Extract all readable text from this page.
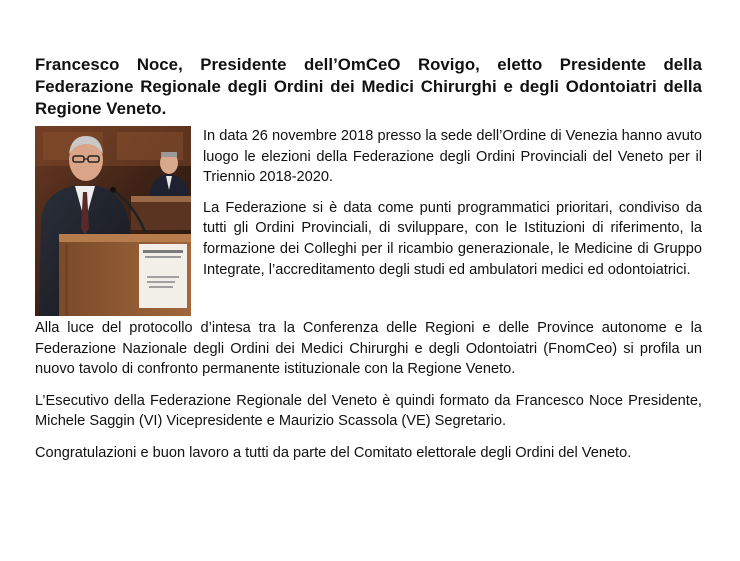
Francesco Noce, Presidente dell’OmCeO Rovigo, eletto Presidente della Federazione Regionale degli Ordini dei Medici Chirurghi e degli Odontoiatri della Regione Veneto.

In data 26 novembre 2018 presso la sede dell’Ordine di Venezia hanno avuto luogo le elezioni della Federazione degli Ordini Provinciali del Veneto per il Triennio 2018-2020.

La Federazione si è data come punti programmatici prioritari, condiviso da tutti gli Ordini Provinciali, di sviluppare, con le Istituzioni di riferimento, la formazione dei Colleghi per il ricambio generazionale, le Medicine di Gruppo Integrate, l’accreditamento degli studi ed ambulatori medici ed odontoiatrici.

Alla luce del protocollo d’intesa tra la Conferenza delle Regioni e delle Province autonome e la Federazione Nazionale degli Ordini dei Medici Chirurghi e degli Odontoiatri (FnomCeo) si profila un nuovo tavolo di confronto permanente istituzionale con la Regione Veneto.

L’Esecutivo della Federazione Regionale del Veneto è quindi formato da Francesco Noce Presidente, Michele Saggin (VI) Vicepresidente e Maurizio Scassola (VE) Segretario.

Congratulazioni e buon lavoro a tutti da parte del Comitato elettorale degli Ordini del Veneto.
